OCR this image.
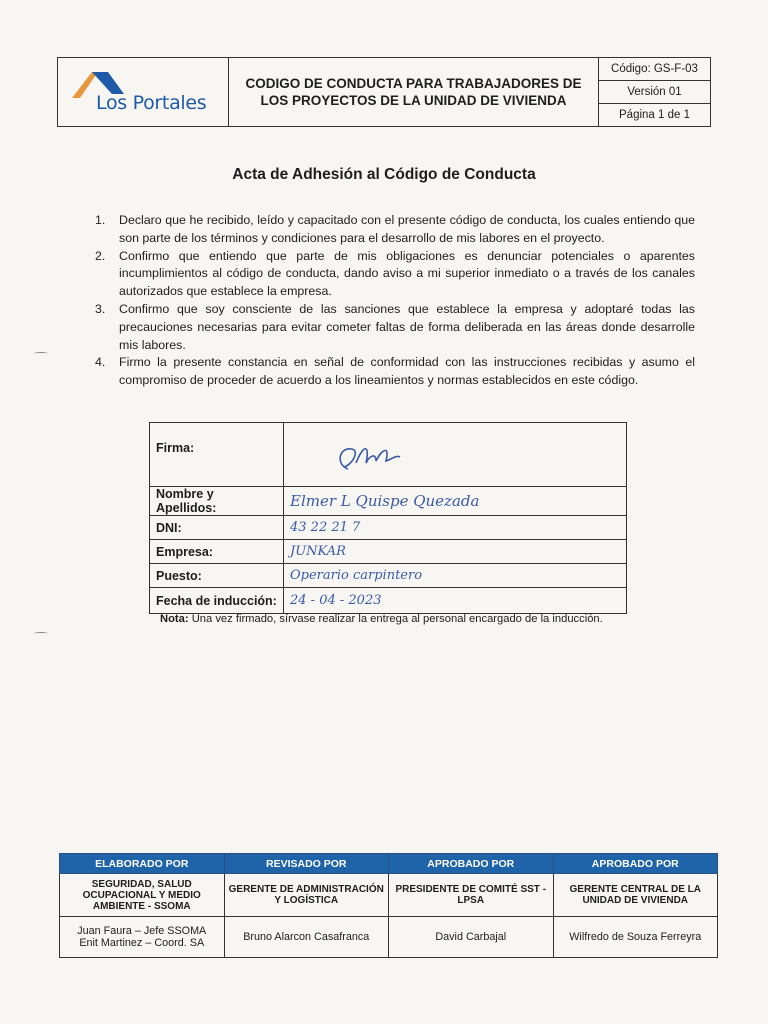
Los Portales
CODIGO DE CONDUCTA PARA TRABAJADORES DE
LOS PROYECTOS DE LA UNIDAD DE VIVIENDA
Código: GS-F-03
Versión 01
Página 1 de 1
Acta de Adhesión al Código de Conducta
1. Declaro que he recibido, leído y capacitado con el presente código de conducta, los cuales entiendo que son parte de los términos y condiciones para el desarrollo de mis labores en el proyecto.
2. Confirmo que entiendo que parte de mis obligaciones es denunciar potenciales o aparentes incumplimientos al código de conducta, dando aviso a mi superior inmediato o a través de los canales autorizados que establece la empresa.
3. Confirmo que soy consciente de las sanciones que establece la empresa y adoptaré todas las precauciones necesarias para evitar cometer faltas de forma deliberada en las áreas donde desarrolle mis labores.
4. Firmo la presente constancia en señal de conformidad con las instrucciones recibidas y asumo el compromiso de proceder de acuerdo a los lineamientos y normas establecidos en este código.
Firma:	

Nombre y Apellidos:	Elmer L Quispe Quezada
DNI:	43 22 21 7
Empresa:	JUNKAR
Puesto:	Operario carpintero
Fecha de inducción:	24 - 04 - 2023
Nota: Una vez firmado, sírvase realizar la entrega al personal encargado de la inducción.
ELABORADO POR	REVISADO POR	APROBADO POR	APROBADO POR
SEGURIDAD, SALUD OCUPACIONAL Y MEDIO AMBIENTE - SSOMA	GERENTE DE ADMINISTRACIÓN Y LOGÍSTICA	PRESIDENTE DE COMITÉ SST - LPSA	GERENTE CENTRAL DE LA UNIDAD DE VIVIENDA

Juan Faura – Jefe SSOMA
Enit Martinez – Coord. SA	Bruno Alarcon Casafranca	David Carbajal	Wilfredo de Souza Ferreyra
